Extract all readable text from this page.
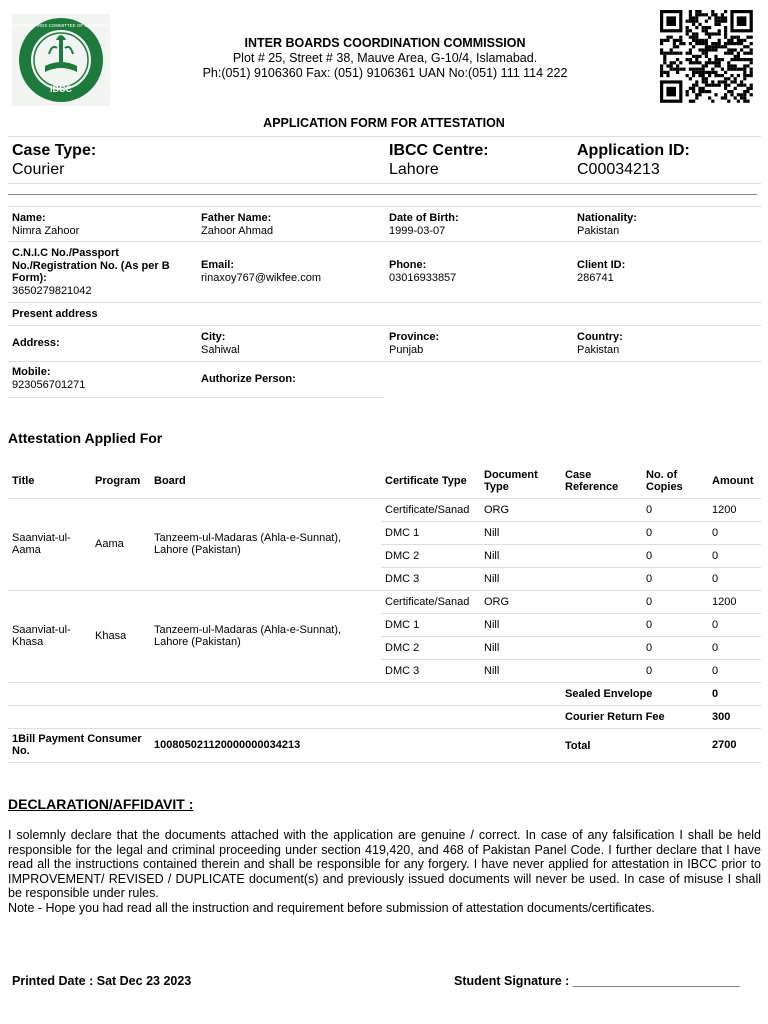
IBCC
INTER BOARDS COMMITTEE OF CHAIRMEN
INTER BOARDS COORDINATION COMMISSION
Plot # 25, Street # 38, Mauve Area, G-10/4, Islamabad.
Ph:(051) 9106360 Fax: (051) 9106361 UAN No:(051) 111 114 222
APPLICATION FORM FOR ATTESTATION
Case Type:
Courier
IBCC Centre:
Lahore
Application ID:
C00034213
Name:
Nimra Zahoor
Father Name:
Zahoor Ahmad
Date of Birth:
1999-03-07
Nationality:
Pakistan
C.N.I.C No./Passport No./Registration No. (As per B Form):
3650279821042
Email:
rinaxoy767@wikfee.com
Phone:
03016933857
Client ID:
286741
Present address
Address:	City:
Sahiwal
Province:
Punjab
Country:
Pakistan
Mobile:
923056701271	Authorize Person:
Attestation Applied For
Title	Program	Board	Certificate Type	Document Type	Case Reference	No. of Copies	Amount
Saanviat-ul-Aama	Aama	Tanzeem-ul-Madaras (Ahla-e-Sunnat), Lahore (Pakistan)	Certificate/Sanad	ORG		0	1200
			DMC 1	Nill		0	0
			DMC 2	Nill		0	0
			DMC 3	Nill		0	0
Saanviat-ul-Khasa	Khasa	Tanzeem-ul-Madaras (Ahla-e-Sunnat), Lahore (Pakistan)	Certificate/Sanad	ORG		0	1200
			DMC 1	Nill		0	0
			DMC 2	Nill		0	0
			DMC 3	Nill		0	0

						Sealed Envelope	0

						Courier Return Fee	300
1Bill Payment Consumer No.		100805021120000000034213				Total	2700
DECLARATION/AFFIDAVIT :
I solemnly declare that the documents attached with the application are genuine / correct. In case of any falsification I shall be held responsible for the legal and criminal proceeding under section 419,420, and 468 of Pakistan Panel Code. I further declare that I have read all the instructions contained therein and shall be responsible for any forgery. I have never applied for attestation in IBCC prior to IMPROVEMENT/ REVISED / DUPLICATE document(s) and previously issued documents will never be used. In case of misuse I shall be responsible under rules.
Note - Hope you had read all the instruction and requirement before submission of attestation documents/certificates.
Printed Date : Sat Dec 23 2023	Student Signature : ________________________
